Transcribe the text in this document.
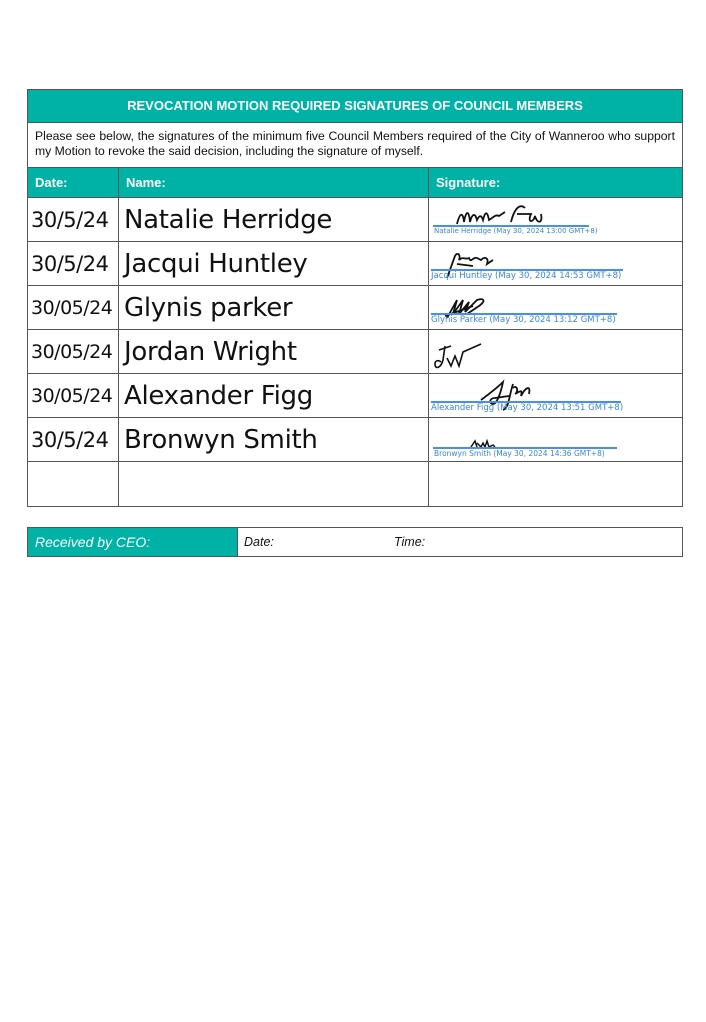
REVOCATION MOTION REQUIRED SIGNATURES OF COUNCIL MEMBERS
Please see below, the signatures of the minimum five Council Members required of the City of Wanneroo who support my Motion to revoke the said decision, including the signature of myself.
Date:	Name:	Signature:
30/5/24 Natalie Herridge	Natalie Herridge (May 30, 2024 13:00 GMT+8)
30/5/24 Jacqui Huntley	Jacqui Huntley (May 30, 2024 14:53 GMT+8)
30/05/24 Glynis parker	Glynis Parker (May 30, 2024 13:12 GMT+8)
30/05/24 Jordan Wright
30/05/24 Alexander Figg	Alexander Figg (May 30, 2024 13:51 GMT+8)
30/5/24 Bronwyn Smith	Bronwyn Smith (May 30, 2024 14:36 GMT+8)
Received by CEO:	Date:	Time:
